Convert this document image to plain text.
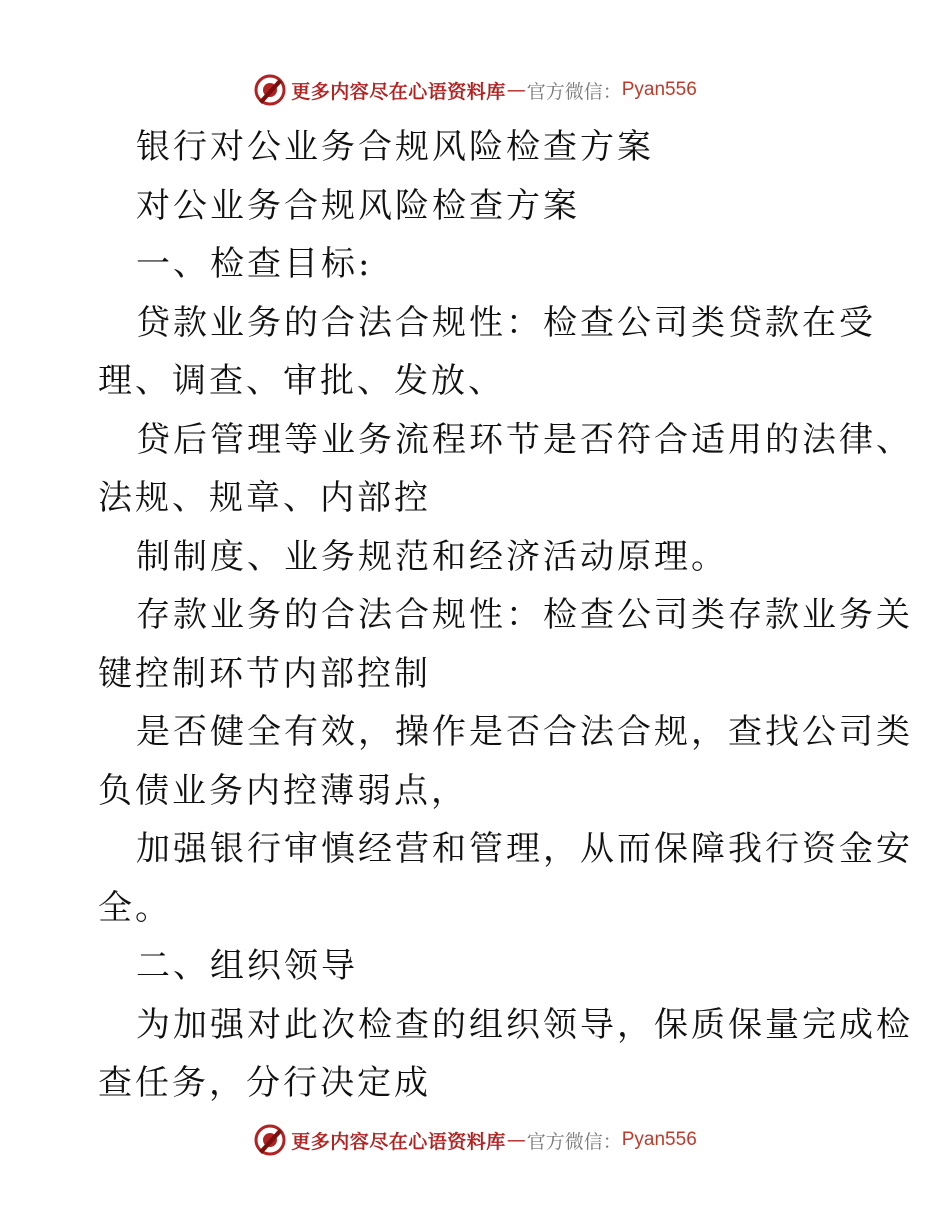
更多内容尽在心语资料库 — 官方微信： Pyan556
银行对公业务合规风险检查方案
对公业务合规风险检查方案
一、检查目标:
贷款业务的合法合规性：检查公司类贷款在受
理、调查、审批、发放、
贷后管理等业务流程环节是否符合适用的法律、
法规、规章、内部控
制制度、业务规范和经济活动原理。
存款业务的合法合规性：检查公司类存款业务关
键控制环节内部控制
是否健全有效，操作是否合法合规，查找公司类
负债业务内控薄弱点，
加强银行审慎经营和管理，从而保障我行资金安
全。
二、组织领导
为加强对此次检查的组织领导，保质保量完成检
查任务，分行决定成
更多内容尽在心语资料库 — 官方微信： Pyan556
